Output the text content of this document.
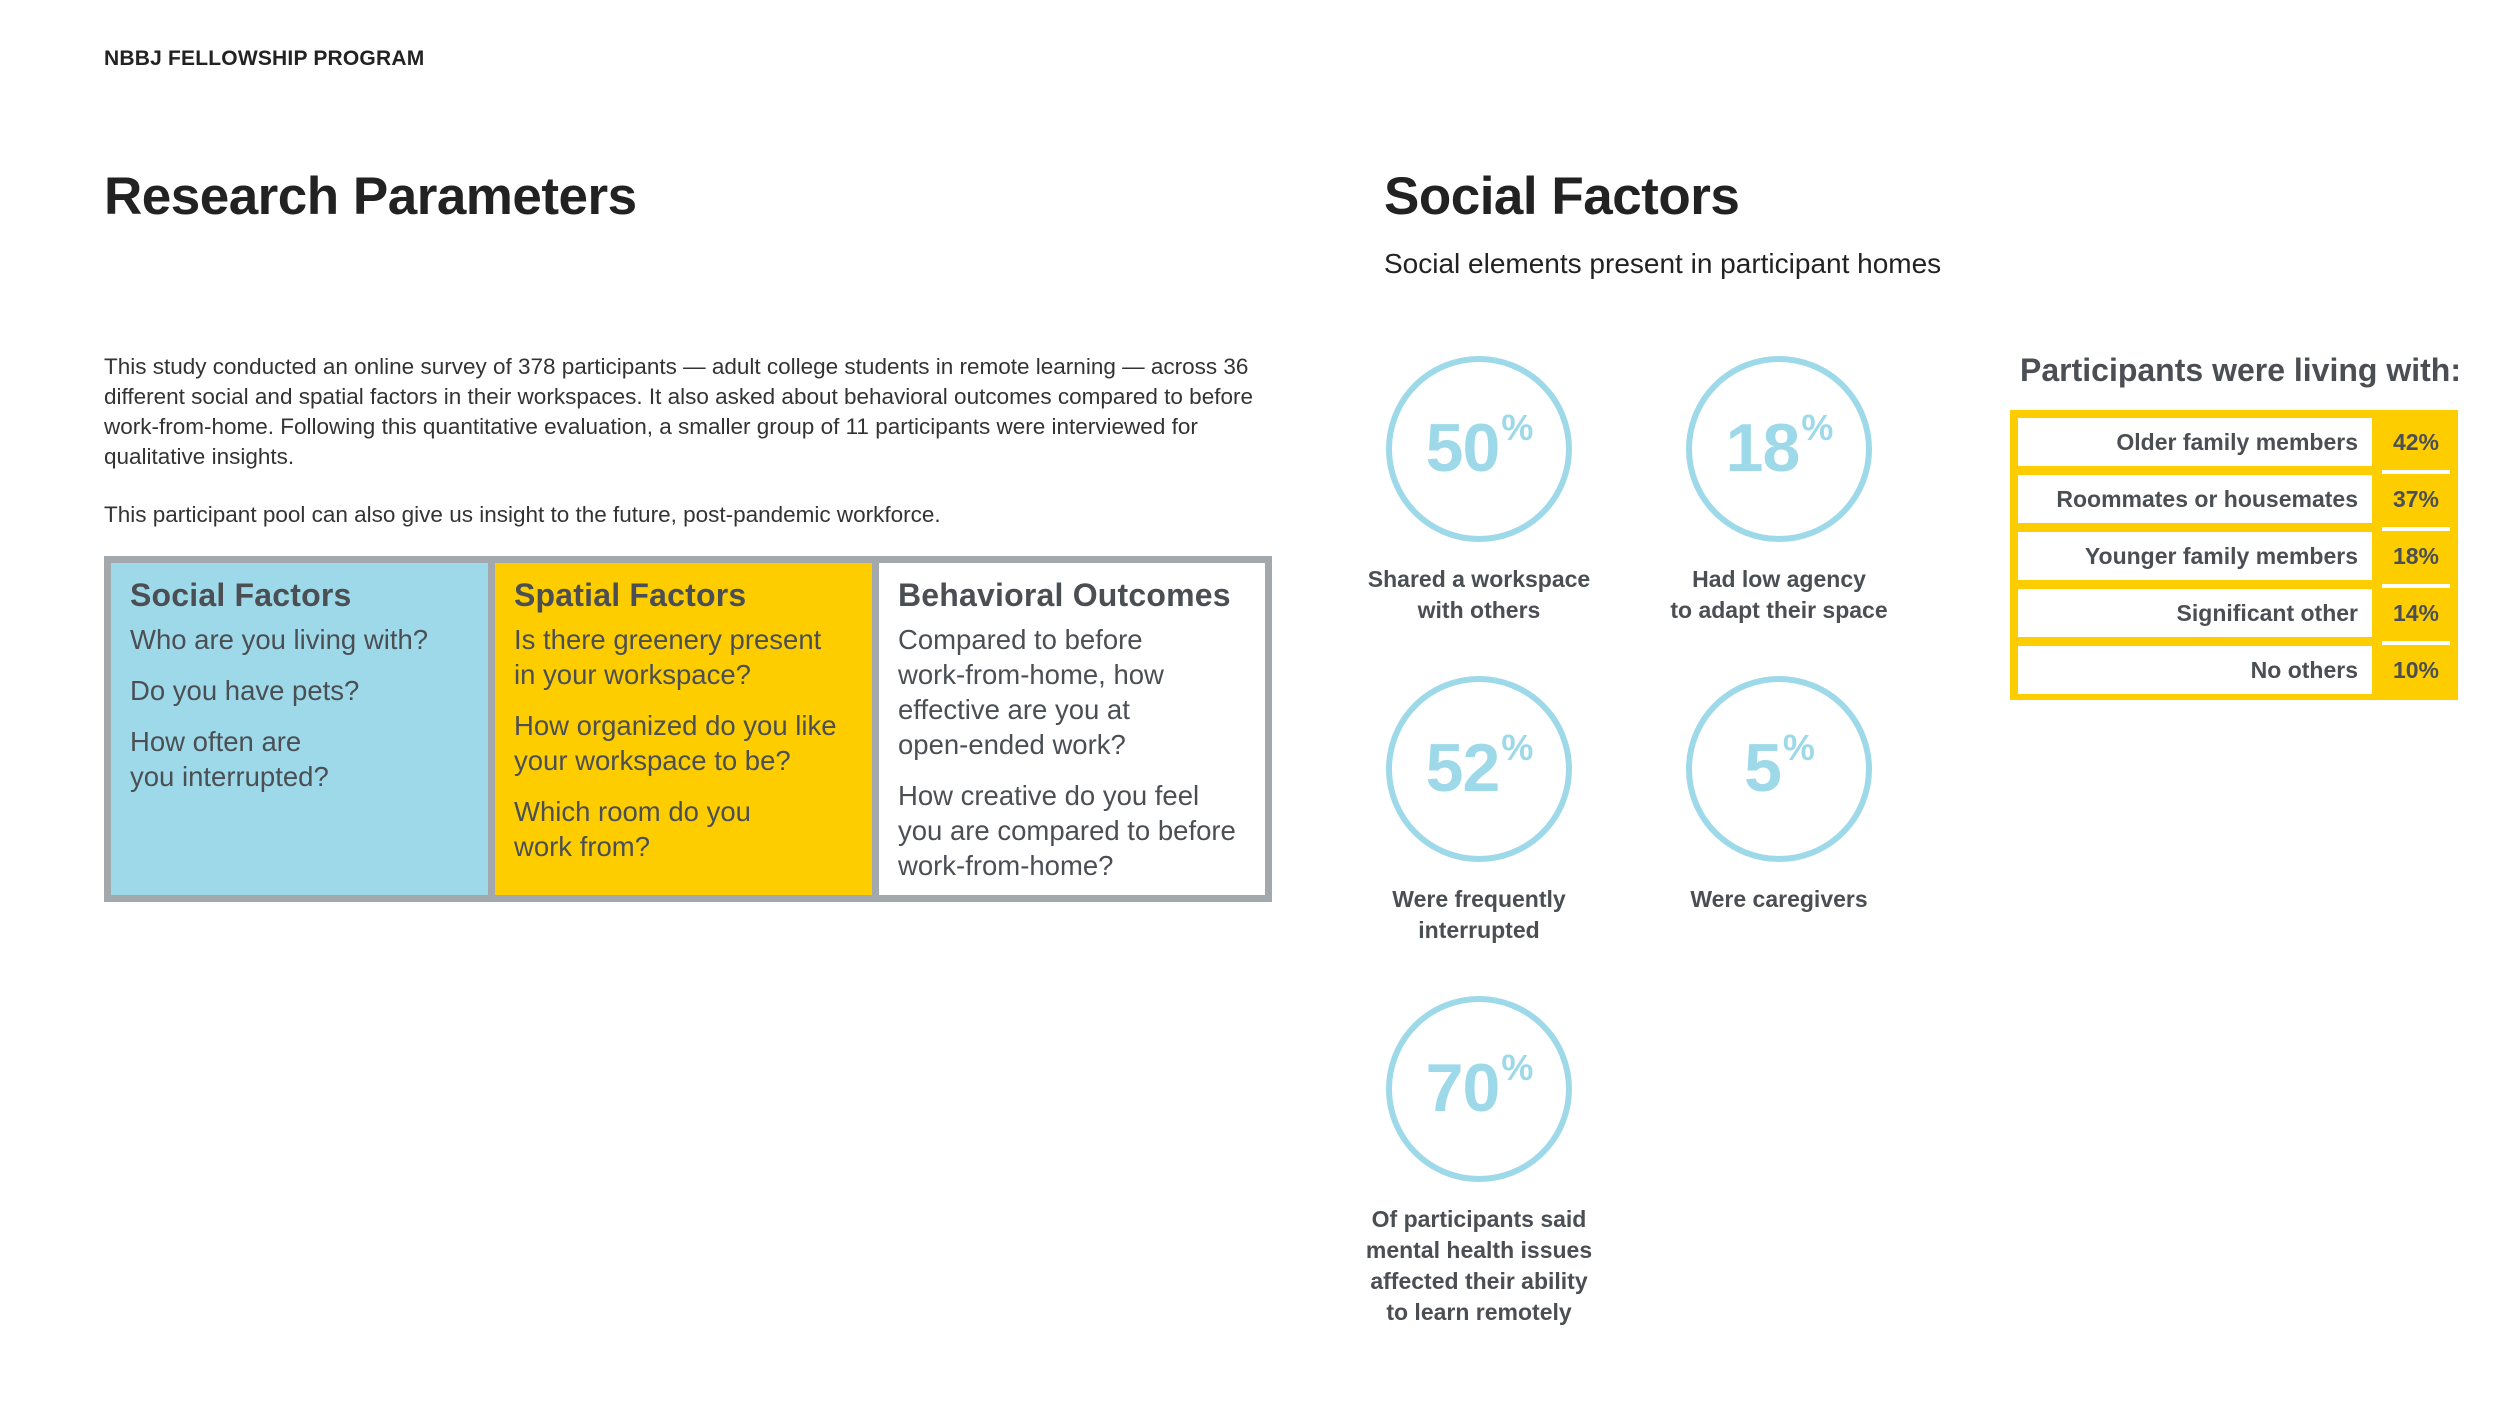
NBBJ FELLOWSHIP PROGRAM
Research Parameters

This study conducted an online survey of 378 participants — adult college students in remote learning — across 36 different social and spatial factors in their workspaces. It also asked about behavioral outcomes compared to before work-from-home. Following this quantitative evaluation, a smaller group of 11 participants were interviewed for qualitative insights.

This participant pool can also give us insight to the future, post-pandemic workforce.

Social Factors

Who are you living with?

Do you have pets?

How often are
you interrupted?

Spatial Factors

Is there greenery present
in your workspace?

How organized do you like
your workspace to be?

Which room do you
work from?

Behavioral Outcomes

Compared to before
work-from-home, how
effective are you at
open-ended work?

How creative do you feel
you are compared to before
work-from-home?

Social Factors
Social elements present in participant homes
50%
Shared a workspace
with others
18%
Had low agency
to adapt their space
52%
Were frequently
interrupted
5%
Were caregivers
70%
Of participants said
mental health issues
affected their ability
to learn remotely
Participants were living with:
Older family members	42%
Roommates or housemates	37%
Younger family members	18%
Significant other	14%
No others	10%
